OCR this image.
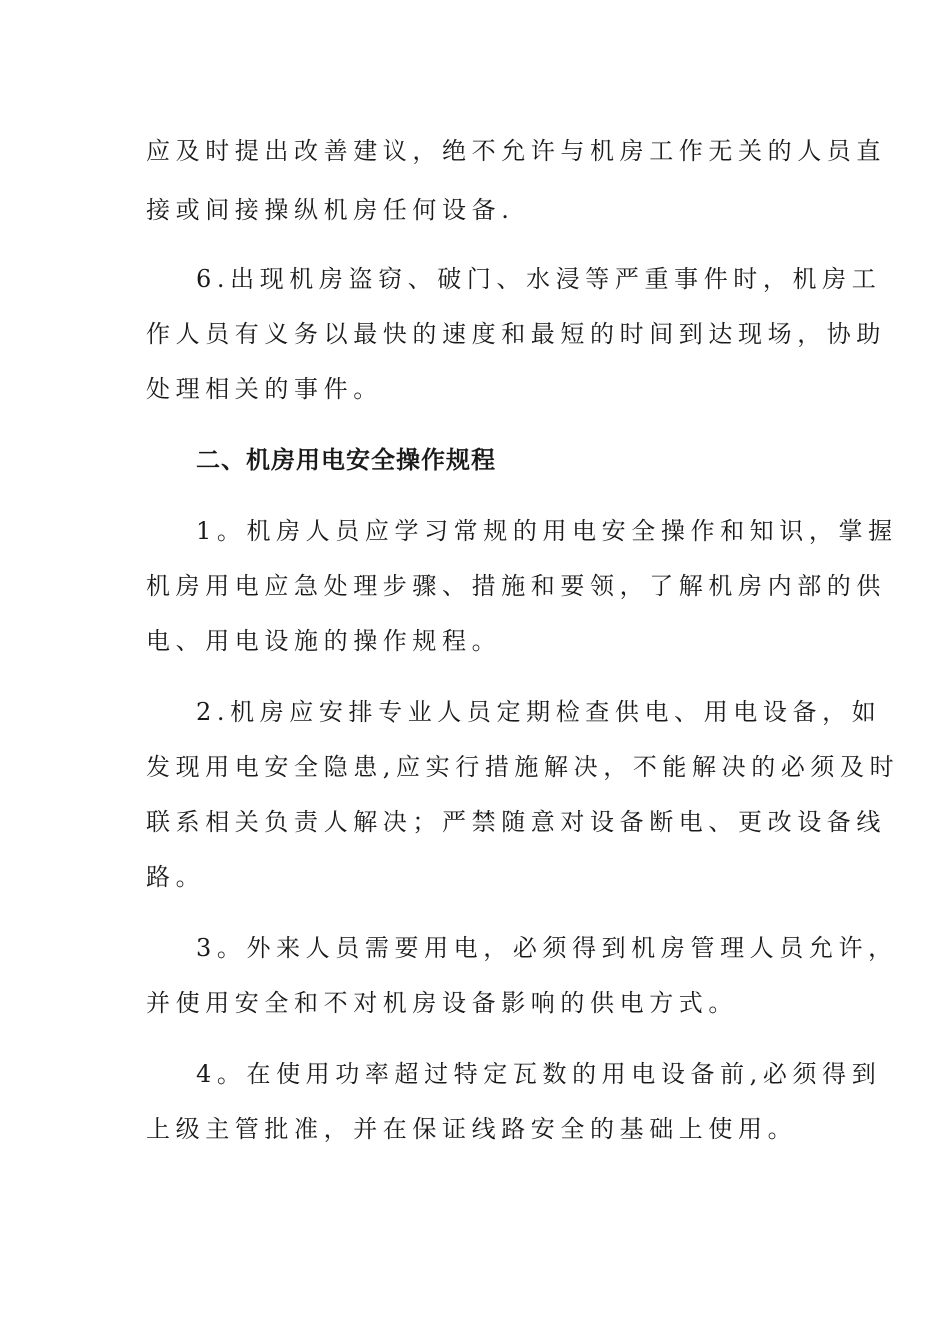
应及时提出改善建议，绝不允许与机房工作无关的人员直
接或间接操纵机房任何设备.
6.出现机房盗窃、破门、水浸等严重事件时，机房工
作人员有义务以最快的速度和最短的时间到达现场，协助
处理相关的事件。
二、机房用电安全操作规程
1。机房人员应学习常规的用电安全操作和知识，掌握
机房用电应急处理步骤、措施和要领，了解机房内部的供
电、用电设施的操作规程。
2.机房应安排专业人员定期检查供电、用电设备，如
发现用电安全隐患,应实行措施解决，不能解决的必须及时
联系相关负责人解决；严禁随意对设备断电、更改设备线
路。
3。外来人员需要用电，必须得到机房管理人员允许，
并使用安全和不对机房设备影响的供电方式。
4。在使用功率超过特定瓦数的用电设备前,必须得到
上级主管批准，并在保证线路安全的基础上使用。
